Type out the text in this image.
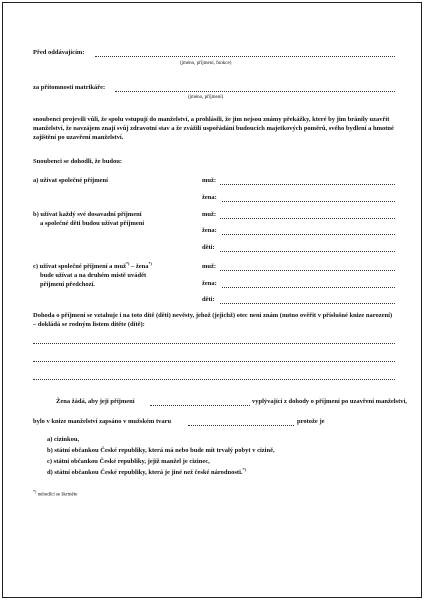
Před oddávajícím:
(jméno, příjmení, funkce)
za přítomnosti matrikáře:
(jméno, příjmení)
snoubenci projevili vůli, že spolu vstupují do manželství, a prohlásili, že jim nejsou známy překážky, které by jim bránily uzavřít manželství, že navzájem znají svůj zdravotní stav a že zvážili uspořádání budoucích majetkových poměrů, svého bydlení a hmotné zajištění po uzavření manželství.
Snoubenci se dohodli, že budou:
a) užívat společné příjmení	muž:
žena:
b) užívat každý své dosavadní příjmení
a společné děti budou užívat příjmení
muž:
žena:
děti:
c) užívat společné příjmení a muž*) – žena*)
bude užívat a na druhém místě uvádět
příjmení předchozí.
muž:
žena:
děti:
Dohoda o příjmení se vztahuje i na toto dítě (děti) nevěsty, jehož (jejichž) otec není znám (nutno ověřit v příslušné knize narození) – dokládá se rodným listem dítěte (dítě):
Žena žádá, aby její příjmení	vyplývající z dohody o příjmení po uzavření manželství,
bylo v knize manželství zapsáno v mužském tvaru	protože je
a) cizinkou,
b) státní občankou České republiky, která má nebo bude mít trvalý pobyt v cizině,
c) státní občankou České republiky, jejíž manžel je cizinec,
d) státní občankou České republiky, která je jiné než české národnosti.*)
*) nehodící se škrtněte
